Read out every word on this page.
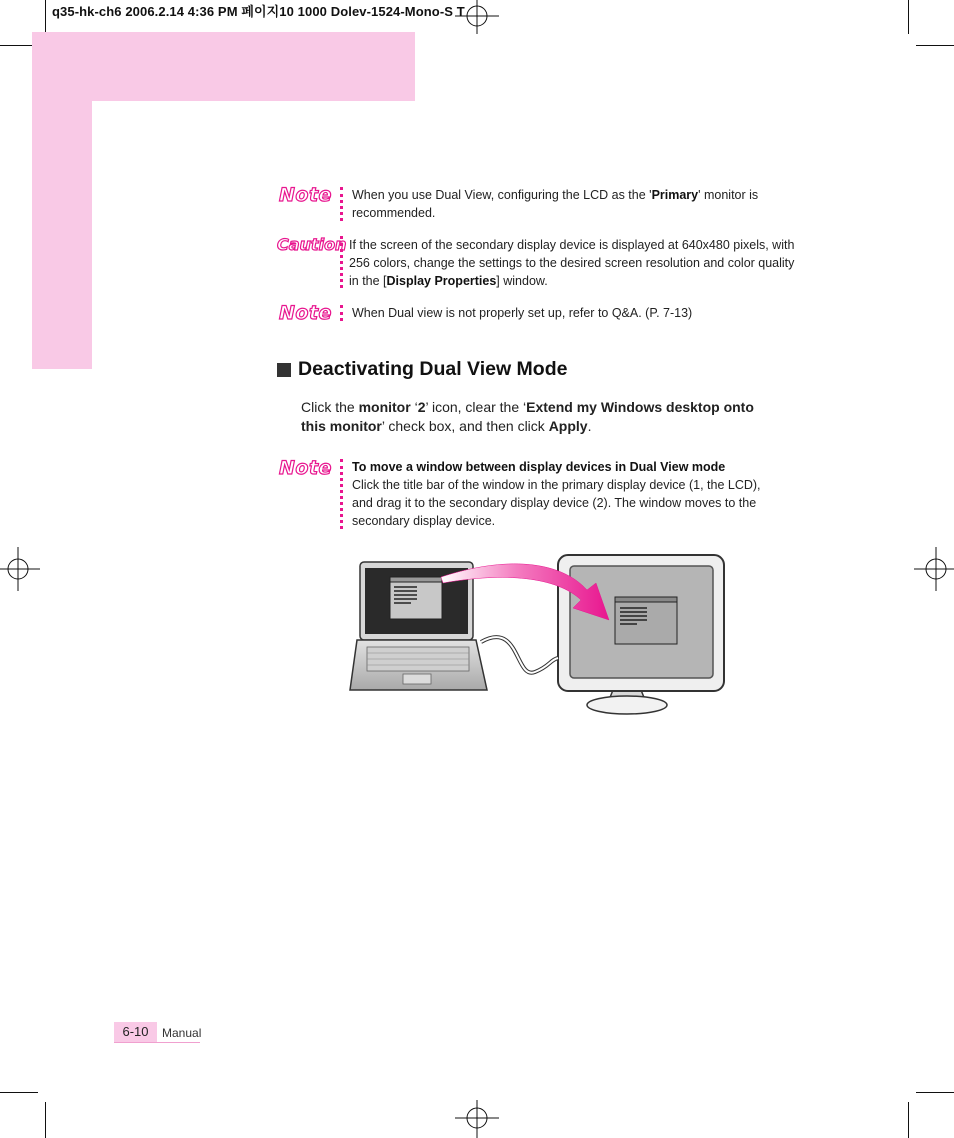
q35-hk-ch6 2006.2.14 4:36 PM 페이지10 1000 Dolev-1524-Mono-S T
Note When you use Dual View, configuring the LCD as the 'Primary' monitor is recommended.
Caution If the screen of the secondary display device is displayed at 640x480 pixels, with 256 colors, change the settings to the desired screen resolution and color quality in the [Display Properties] window.
Note When Dual view is not properly set up, refer to Q&A. (P. 7-13)
Deactivating Dual View Mode
Click the monitor ‘2’ icon, clear the ‘Extend my Windows desktop onto this monitor’ check box, and then click Apply.
Note To move a window between display devices in Dual View mode
Click the title bar of the window in the primary display device (1, the LCD), and drag it to the secondary display device (2). The window moves to the secondary display device.
6-10	Manual
